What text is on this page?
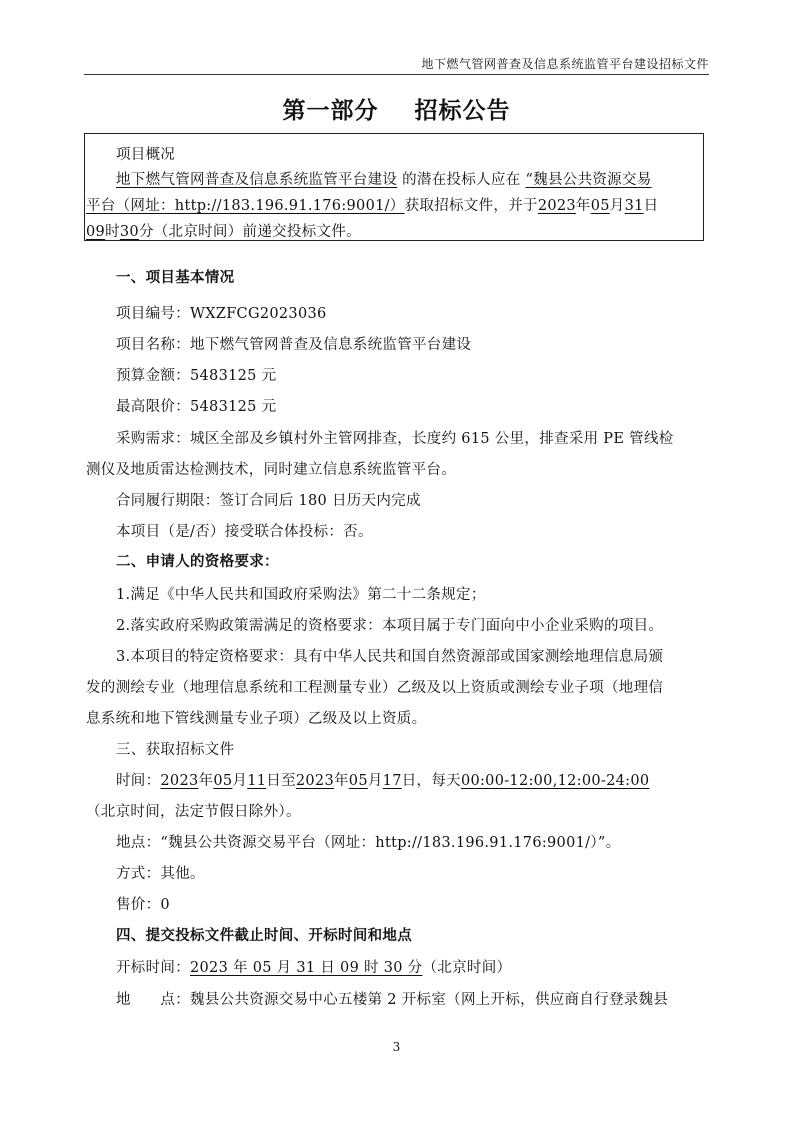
地下燃气管网普查及信息系统监管平台建设招标文件
第一部分 招标公告
项目概况
地下燃气管网普查及信息系统监管平台建设 的潜在投标人应在 “魏县公共资源交易
平台（网址：http://183.196.91.176:9001/）获取招标文件，并于2023年05月31日
09时30分（北京时间）前递交投标文件。
一、项目基本情况
项目编号：WXZFCG2023036
项目名称：地下燃气管网普查及信息系统监管平台建设
预算金额：5483125 元
最高限价：5483125 元
采购需求：城区全部及乡镇村外主管网排查，长度约 615 公里，排查采用 PE 管线检
测仪及地质雷达检测技术，同时建立信息系统监管平台。
合同履行期限：签订合同后 180 日历天内完成
本项目（是/否）接受联合体投标：否。
二、申请人的资格要求：
1.满足《中华人民共和国政府采购法》第二十二条规定；
2.落实政府采购政策需满足的资格要求：本项目属于专门面向中小企业采购的项目。
3.本项目的特定资格要求：具有中华人民共和国自然资源部或国家测绘地理信息局颁
发的测绘专业（地理信息系统和工程测量专业）乙级及以上资质或测绘专业子项（地理信
息系统和地下管线测量专业子项）乙级及以上资质。
三、获取招标文件
时间：2023年05月11日至2023年05月17日，每天00:00-12:00,12:00-24:00
（北京时间，法定节假日除外）。
地点：“魏县公共资源交易平台（网址：http://183.196.91.176:9001/）”。
方式：其他。
售价：0
四、提交投标文件截止时间、开标时间和地点
开标时间：2023 年 05 月 31 日 09 时 30 分（北京时间）
地　　点：魏县公共资源交易中心五楼第 2 开标室（网上开标，供应商自行登录魏县
3
